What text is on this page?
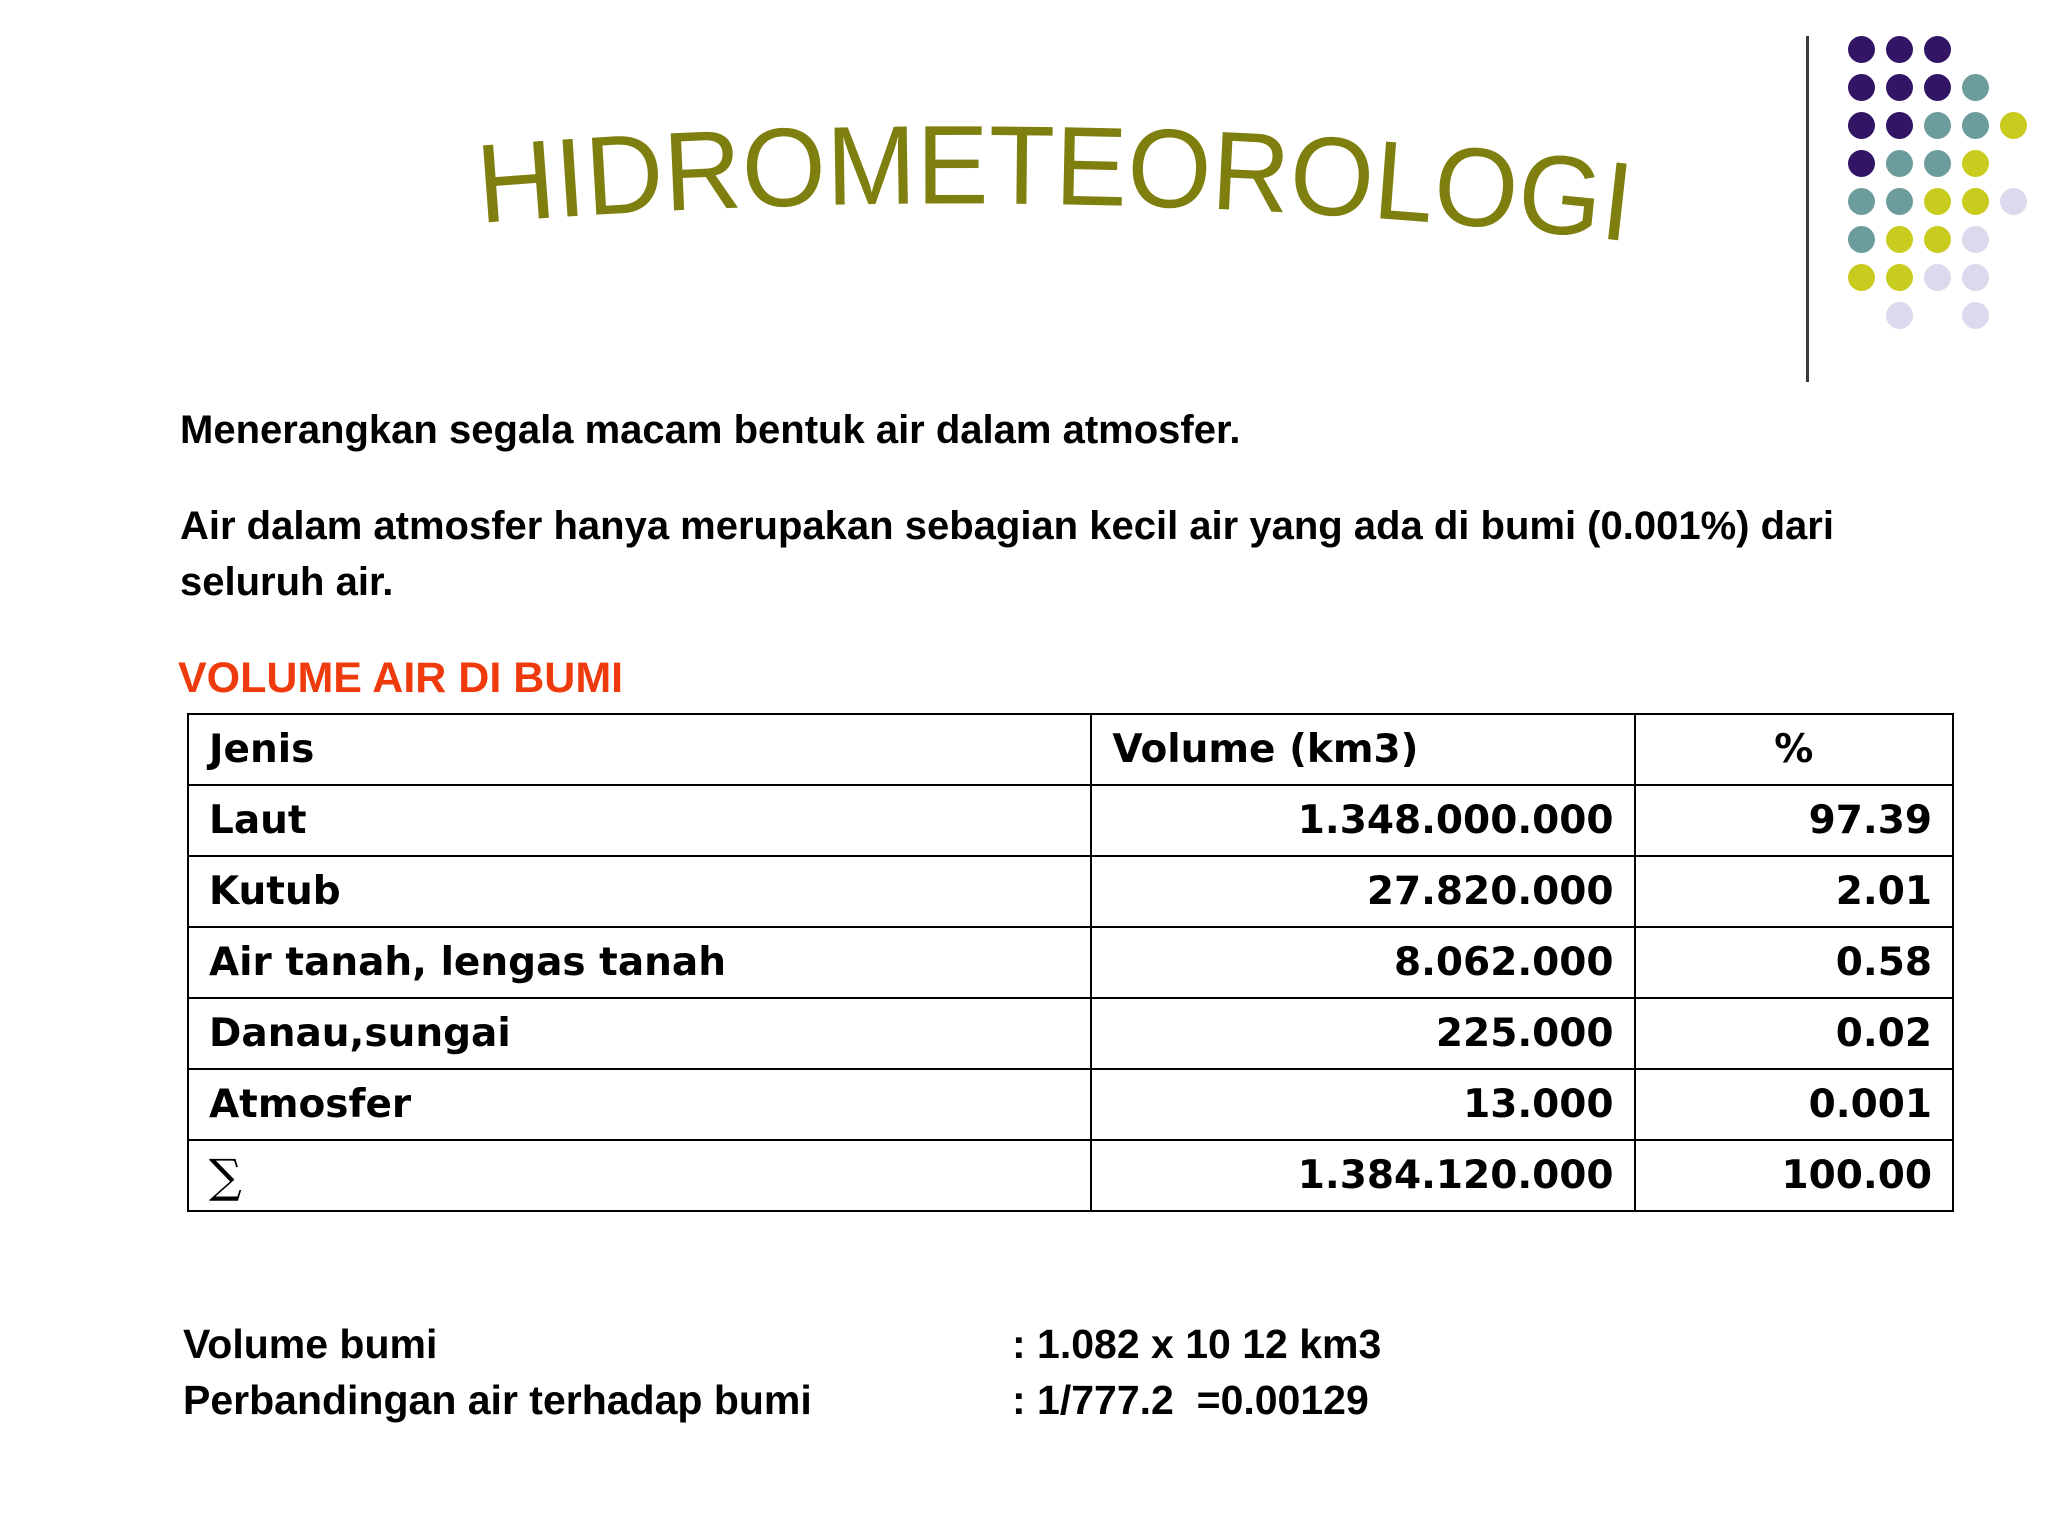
HIDROMETEOROLOGI

Menerangkan segala macam bentuk air dalam atmosfer.

Air dalam atmosfer hanya merupakan sebagian kecil air yang ada di bumi (0.001%) dari seluruh air.

VOLUME AIR DI BUMI

Jenis	Volume (km3)	%
Laut	1.348.000.000	97.39
Kutub	27.820.000	2.01
Air tanah, lengas tanah	8.062.000	0.58
Danau,sungai	225.000	0.02
Atmosfer	13.000	0.001
∑	1.384.120.000	100.00

Volume bumi	: 1.082 x 10 12 km3

Perbandingan air terhadap bumi	: 1/777.2  =0.00129
